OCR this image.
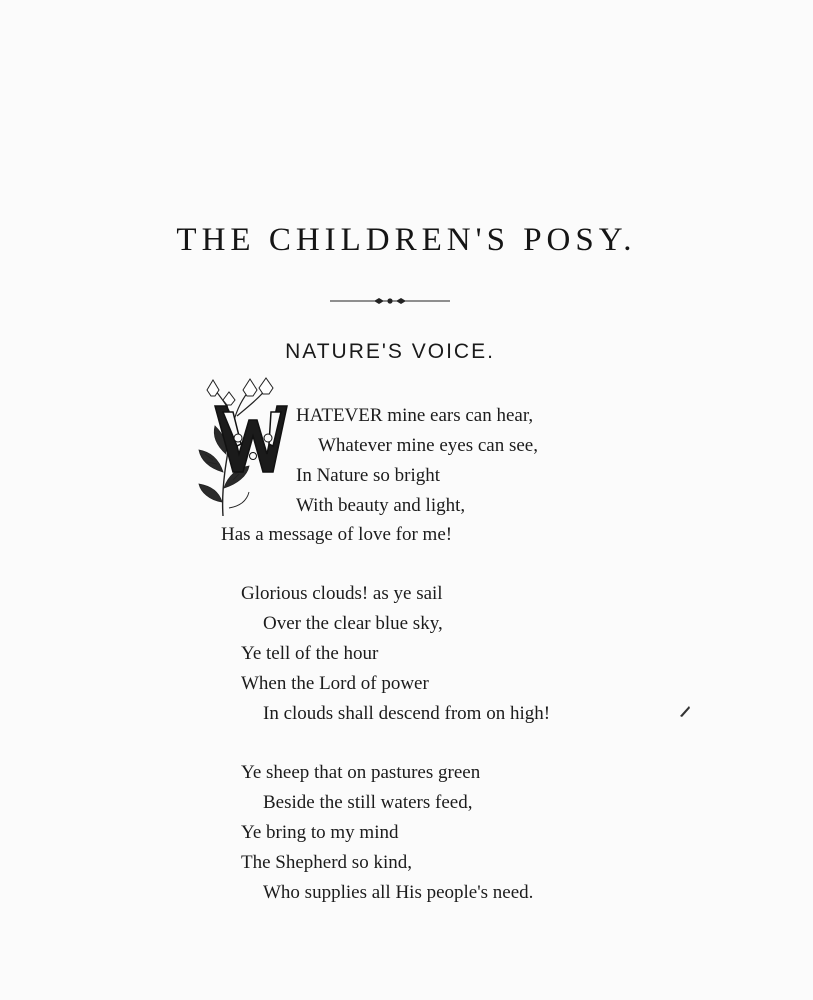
THE CHILDREN'S POSY.
NATURE'S VOICE.
HATEVER mine ears can hear,
Whatever mine eyes can see,
In Nature so bright
With beauty and light,
Has a message of love for me!
Glorious clouds! as ye sail
Over the clear blue sky,
Ye tell of the hour
When the Lord of power
In clouds shall descend from on high!
Ye sheep that on pastures green
Beside the still waters feed,
Ye bring to my mind
The Shepherd so kind,
Who supplies all His people's need.
